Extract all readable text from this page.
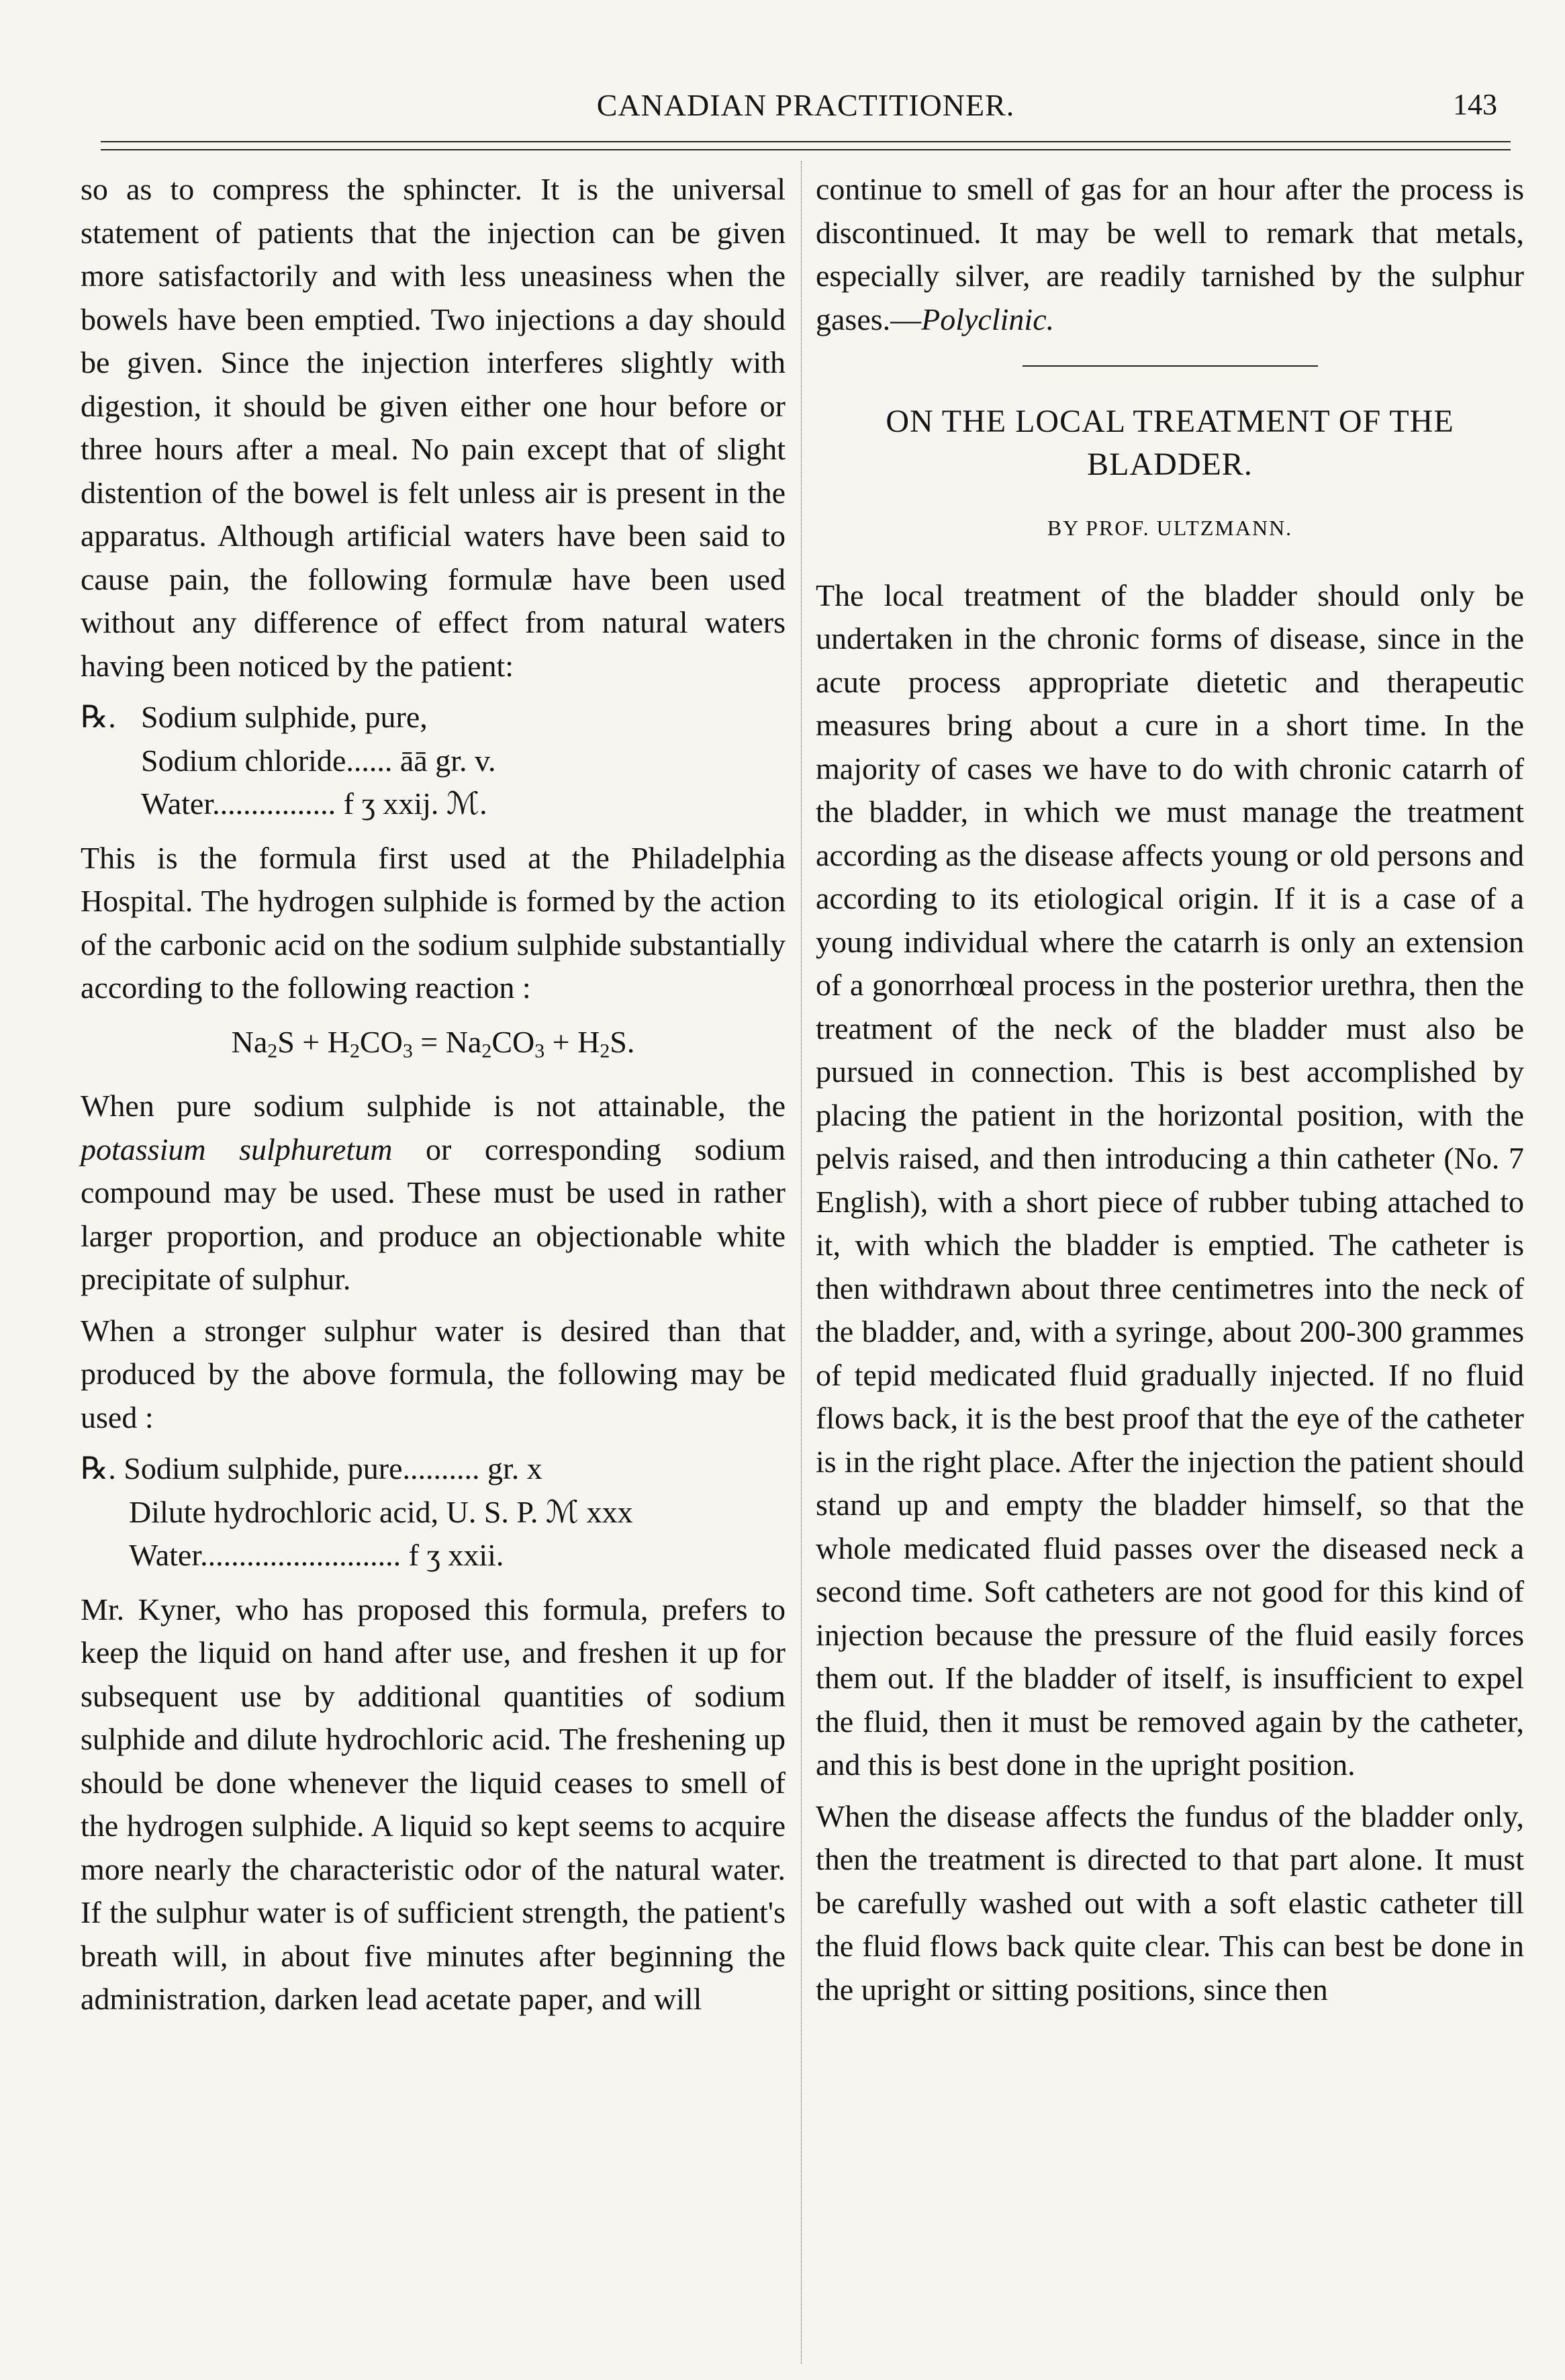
CANADIAN PRACTITIONER.	143

so as to compress the sphincter. It is the universal statement of patients that the injection can be given more satisfactorily and with less uneasiness when the bowels have been emptied. Two injections a day should be given. Since the injection interferes slightly with digestion, it should be given either one hour before or three hours after a meal. No pain except that of slight distention of the bowel is felt unless air is present in the apparatus. Although artificial waters have been said to cause pain, the following formulæ have been used without any difference of effect from natural waters having been noticed by the patient:

℞. Sodium sulphide, pure,
Sodium chloride...... āā gr. v.
Water................ f ʒ xxij. ℳ.

This is the formula first used at the Philadelphia Hospital. The hydrogen sulphide is formed by the action of the carbonic acid on the sodium sulphide substantially according to the following reaction :

$Na_2S + H_2CO_3 = Na_2CO_3 + H_2S$.

When pure sodium sulphide is not attainable, the potassium sulphuretum or corresponding sodium compound may be used. These must be used in rather larger proportion, and produce an objectionable white precipitate of sulphur.

When a stronger sulphur water is desired than that produced by the above formula, the following may be used :

℞. Sodium sulphide, pure.......... gr. x
Dilute hydrochloric acid, U. S. P. ℳ xxx
Water.......................... f ʒ xxii.

Mr. Kyner, who has proposed this formula, prefers to keep the liquid on hand after use, and freshen it up for subsequent use by additional quantities of sodium sulphide and dilute hydrochloric acid. The freshening up should be done whenever the liquid ceases to smell of the hydrogen sulphide. A liquid so kept seems to acquire more nearly the characteristic odor of the natural water. If the sulphur water is of sufficient strength, the patient's breath will, in about five minutes after beginning the administration, darken lead acetate paper, and will

continue to smell of gas for an hour after the process is discontinued. It may be well to remark that metals, especially silver, are readily tarnished by the sulphur gases.—Polyclinic.

ON THE LOCAL TREATMENT OF THE BLADDER.
BY PROF. ULTZMANN.

The local treatment of the bladder should only be undertaken in the chronic forms of disease, since in the acute process appropriate dietetic and therapeutic measures bring about a cure in a short time. In the majority of cases we have to do with chronic catarrh of the bladder, in which we must manage the treatment according as the disease affects young or old persons and according to its etiological origin. If it is a case of a young individual where the catarrh is only an extension of a gonorrhœal process in the posterior urethra, then the treatment of the neck of the bladder must also be pursued in connection. This is best accomplished by placing the patient in the horizontal position, with the pelvis raised, and then introducing a thin catheter (No. 7 English), with a short piece of rubber tubing attached to it, with which the bladder is emptied. The catheter is then withdrawn about three centimetres into the neck of the bladder, and, with a syringe, about 200-300 grammes of tepid medicated fluid gradually injected. If no fluid flows back, it is the best proof that the eye of the catheter is in the right place. After the injection the patient should stand up and empty the bladder himself, so that the whole medicated fluid passes over the diseased neck a second time. Soft catheters are not good for this kind of injection because the pressure of the fluid easily forces them out. If the bladder of itself, is insufficient to expel the fluid, then it must be removed again by the catheter, and this is best done in the upright position.

When the disease affects the fundus of the bladder only, then the treatment is directed to that part alone. It must be carefully washed out with a soft elastic catheter till the fluid flows back quite clear. This can best be done in the upright or sitting positions, since then
